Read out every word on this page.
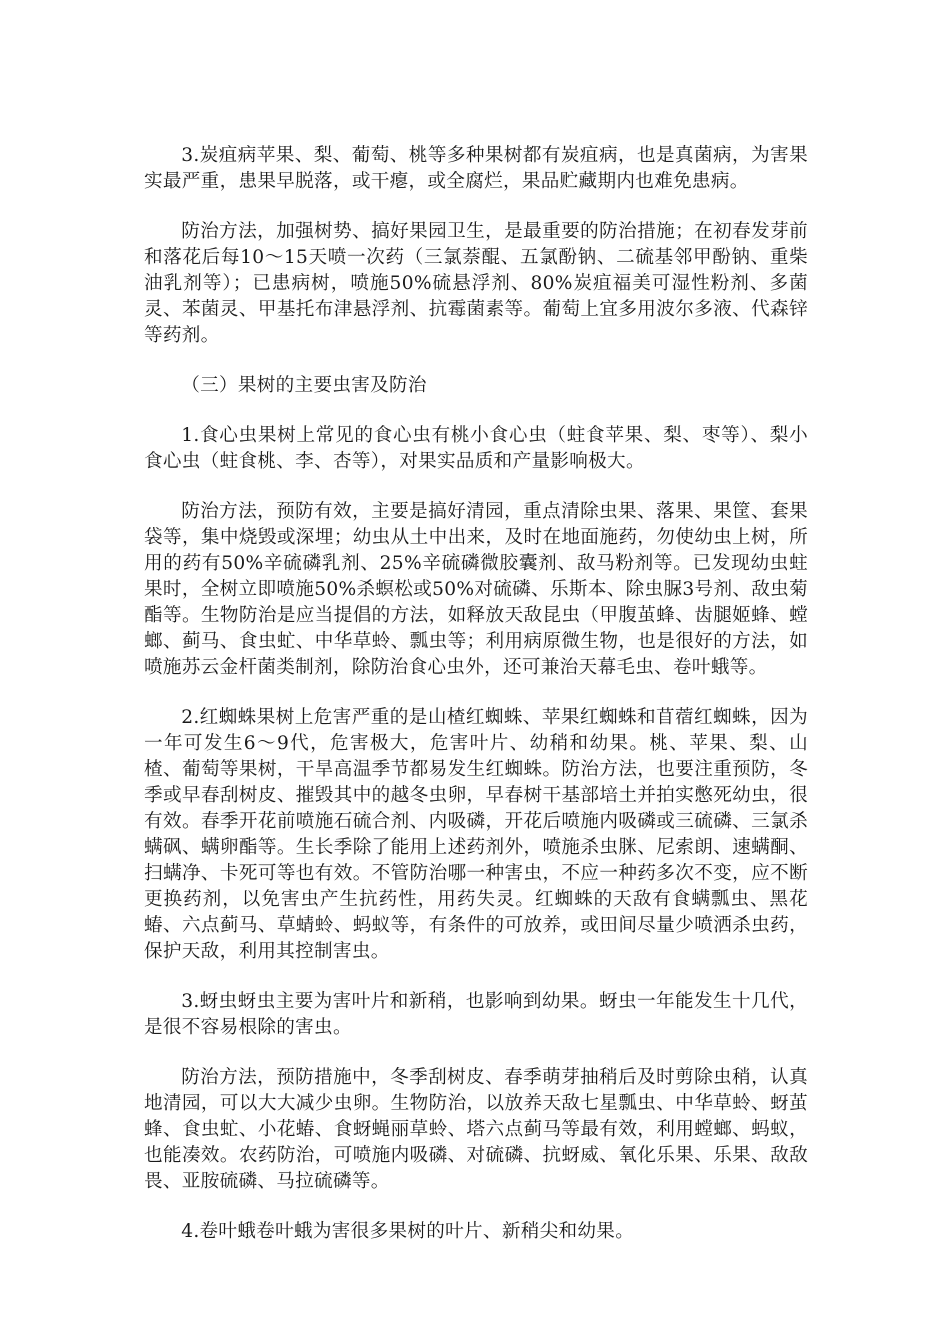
3.炭疽病苹果、梨、葡萄、桃等多种果树都有炭疽病，也是真菌病，为害果实最严重，患果早脱落，或干瘪，或全腐烂，果品贮藏期内也难免患病。

防治方法，加强树势、搞好果园卫生，是最重要的防治措施；在初春发芽前和落花后每10～15天喷一次药（三氯萘醌、五氯酚钠、二硫基邻甲酚钠、重柴油乳剂等）；已患病树，喷施50%硫悬浮剂、80%炭疽福美可湿性粉剂、多菌灵、苯菌灵、甲基托布津悬浮剂、抗霉菌素等。葡萄上宜多用波尔多液、代森锌等药剂。

（三）果树的主要虫害及防治

1.食心虫果树上常见的食心虫有桃小食心虫（蛀食苹果、梨、枣等）、梨小食心虫（蛀食桃、李、杏等），对果实品质和产量影响极大。

防治方法，预防有效，主要是搞好清园，重点清除虫果、落果、果筐、套果袋等，集中烧毁或深埋；幼虫从土中出来，及时在地面施药，勿使幼虫上树，所用的药有50%辛硫磷乳剂、25%辛硫磷微胶囊剂、敌马粉剂等。已发现幼虫蛀果时，全树立即喷施50%杀螟松或50%对硫磷、乐斯本、除虫脲3号剂、敌虫菊酯等。生物防治是应当提倡的方法，如释放天敌昆虫（甲腹茧蜂、齿腿姬蜂、螳螂、蓟马、食虫虻、中华草蛉、瓢虫等；利用病原微生物，也是很好的方法，如喷施苏云金杆菌类制剂，除防治食心虫外，还可兼治天幕毛虫、卷叶蛾等。

2.红蜘蛛果树上危害严重的是山楂红蜘蛛、苹果红蜘蛛和苜蓿红蜘蛛，因为一年可发生6～9代，危害极大，危害叶片、幼稍和幼果。桃、苹果、梨、山楂、葡萄等果树，干旱高温季节都易发生红蜘蛛。防治方法，也要注重预防，冬季或早春刮树皮、摧毁其中的越冬虫卵，早春树干基部培土并拍实憋死幼虫，很有效。春季开花前喷施石硫合剂、内吸磷，开花后喷施内吸磷或三硫磷、三氯杀螨砜、螨卵酯等。生长季除了能用上述药剂外，喷施杀虫脒、尼索朗、速螨酮、扫螨净、卡死可等也有效。不管防治哪一种害虫，不应一种药多次不变，应不断更换药剂，以免害虫产生抗药性，用药失灵。红蜘蛛的天敌有食螨瓢虫、黑花蝽、六点蓟马、草蜻蛉、蚂蚁等，有条件的可放养，或田间尽量少喷洒杀虫药，保护天敌，利用其控制害虫。

3.蚜虫蚜虫主要为害叶片和新稍，也影响到幼果。蚜虫一年能发生十几代，是很不容易根除的害虫。

防治方法，预防措施中，冬季刮树皮、春季萌芽抽稍后及时剪除虫稍，认真地清园，可以大大减少虫卵。生物防治，以放养天敌七星瓢虫、中华草蛉、蚜茧蜂、食虫虻、小花蝽、食蚜蝇丽草蛉、塔六点蓟马等最有效，利用螳螂、蚂蚁，也能凑效。农药防治，可喷施内吸磷、对硫磷、抗蚜威、氧化乐果、乐果、敌敌畏、亚胺硫磷、马拉硫磷等。

4.卷叶蛾卷叶蛾为害很多果树的叶片、新稍尖和幼果。
